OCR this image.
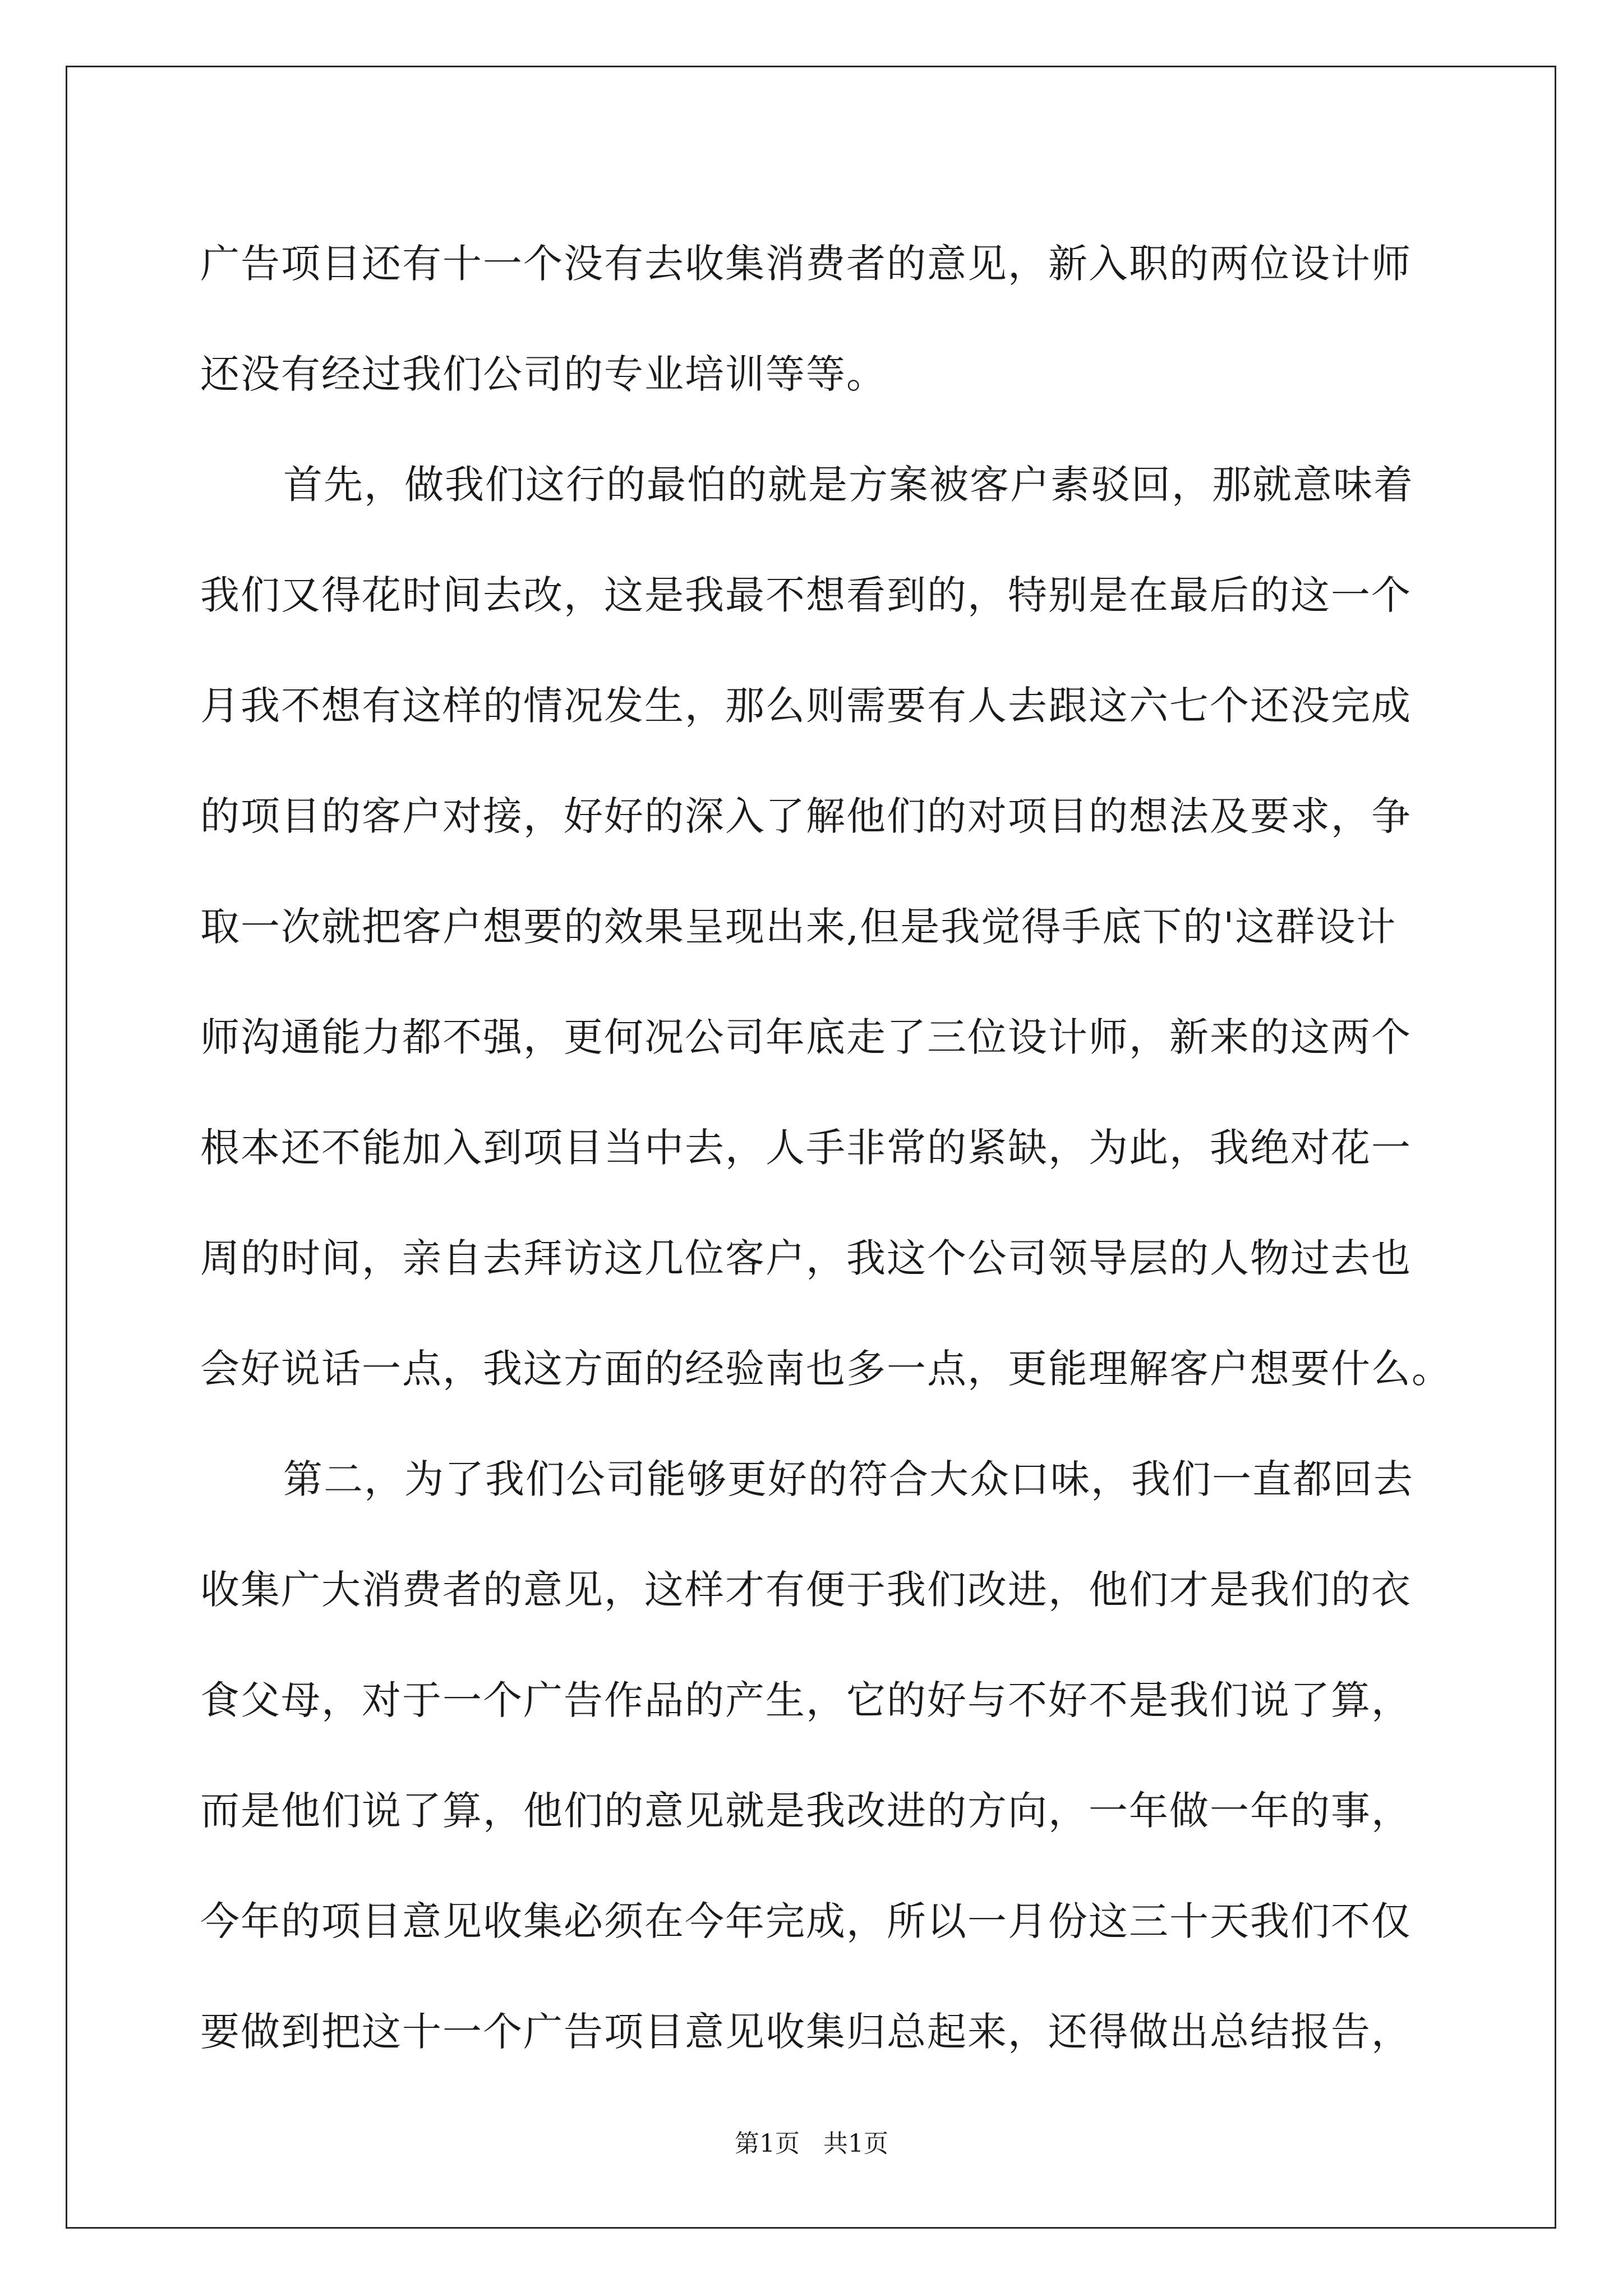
广告项目还有十一个没有去收集消费者的意见，新入职的两位设计师
还没有经过我们公司的专业培训等等。
首先，做我们这行的最怕的就是方案被客户素驳回，那就意味着
我们又得花时间去改，这是我最不想看到的，特别是在最后的这一个
月我不想有这样的情况发生，那么则需要有人去跟这六七个还没完成
的项目的客户对接，好好的深入了解他们的对项目的想法及要求，争
取一次就把客户想要的效果呈现出来,但是我觉得手底下的'这群设计
师沟通能力都不强，更何况公司年底走了三位设计师，新来的这两个
根本还不能加入到项目当中去，人手非常的紧缺，为此，我绝对花一
周的时间，亲自去拜访这几位客户，我这个公司领导层的人物过去也
会好说话一点，我这方面的经验南也多一点，更能理解客户想要什么。
第二，为了我们公司能够更好的符合大众口味，我们一直都回去
收集广大消费者的意见，这样才有便于我们改进，他们才是我们的衣
食父母，对于一个广告作品的产生，它的好与不好不是我们说了算，
而是他们说了算，他们的意见就是我改进的方向，一年做一年的事，
今年的项目意见收集必须在今年完成，所以一月份这三十天我们不仅
要做到把这十一个广告项目意见收集归总起来，还得做出总结报告，
第1页 共1页
